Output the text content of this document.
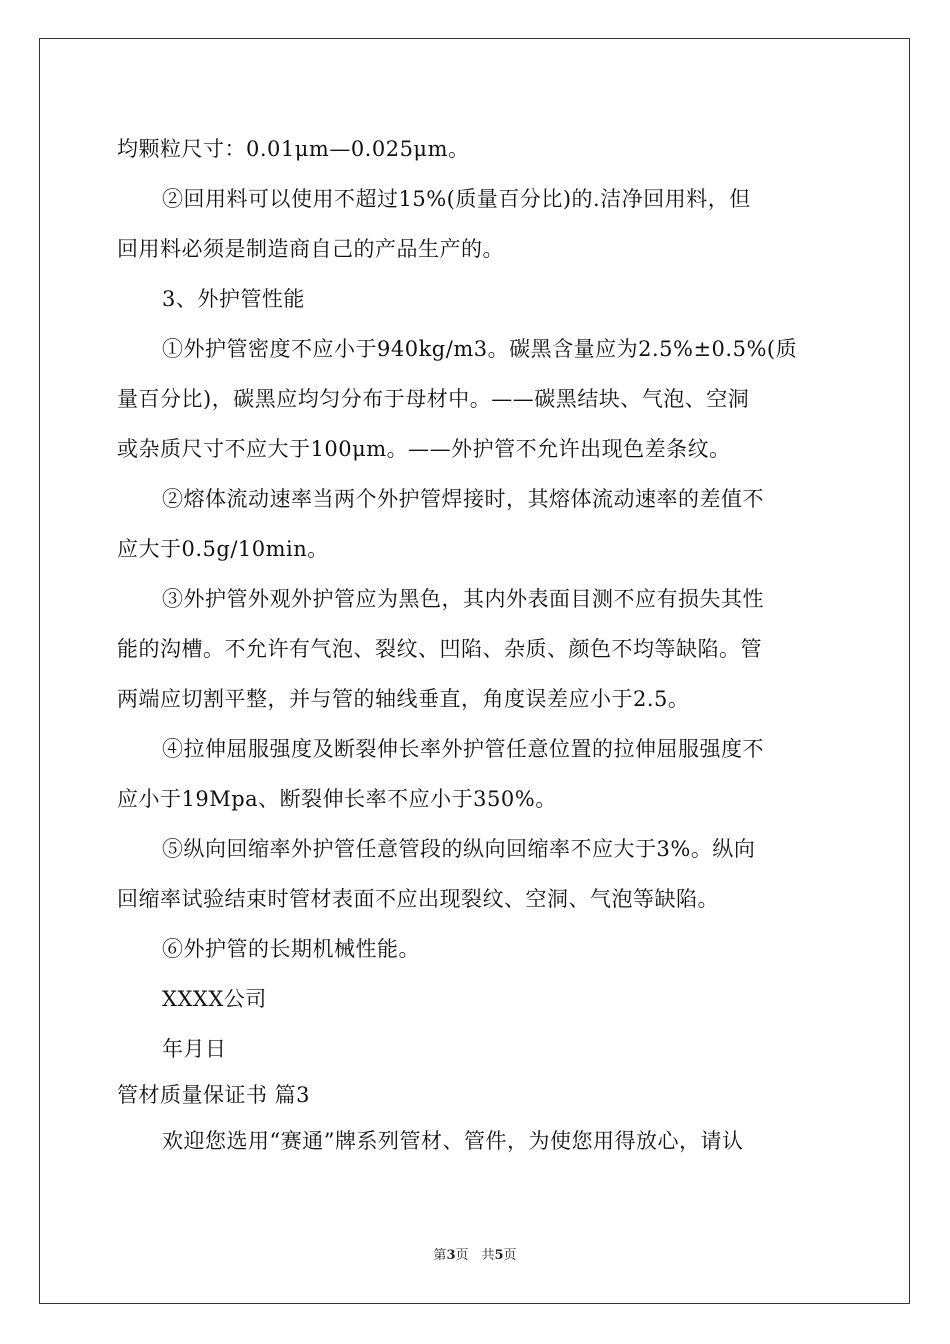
均颗粒尺寸：0.01μm—0.025μm。
②回用料可以使用不超过15%(质量百分比)的.洁净回用料，但
回用料必须是制造商自己的产品生产的。
3、外护管性能
①外护管密度不应小于940kg/m3。碳黑含量应为2.5%±0.5%(质
量百分比)，碳黑应均匀分布于母材中。——碳黑结块、气泡、空洞
或杂质尺寸不应大于100μm。——外护管不允许出现色差条纹。
②熔体流动速率当两个外护管焊接时，其熔体流动速率的差值不
应大于0.5g/10min。
③外护管外观外护管应为黑色，其内外表面目测不应有损失其性
能的沟槽。不允许有气泡、裂纹、凹陷、杂质、颜色不均等缺陷。管
两端应切割平整，并与管的轴线垂直，角度误差应小于2.5。
④拉伸屈服强度及断裂伸长率外护管任意位置的拉伸屈服强度不
应小于19Mpa、断裂伸长率不应小于350%。
⑤纵向回缩率外护管任意管段的纵向回缩率不应大于3%。纵向
回缩率试验结束时管材表面不应出现裂纹、空洞、气泡等缺陷。
⑥外护管的长期机械性能。
XXXX公司
年月日
管材质量保证书 篇3
欢迎您选用“赛通”牌系列管材、管件，为使您用得放心，请认
第3页　共5页
